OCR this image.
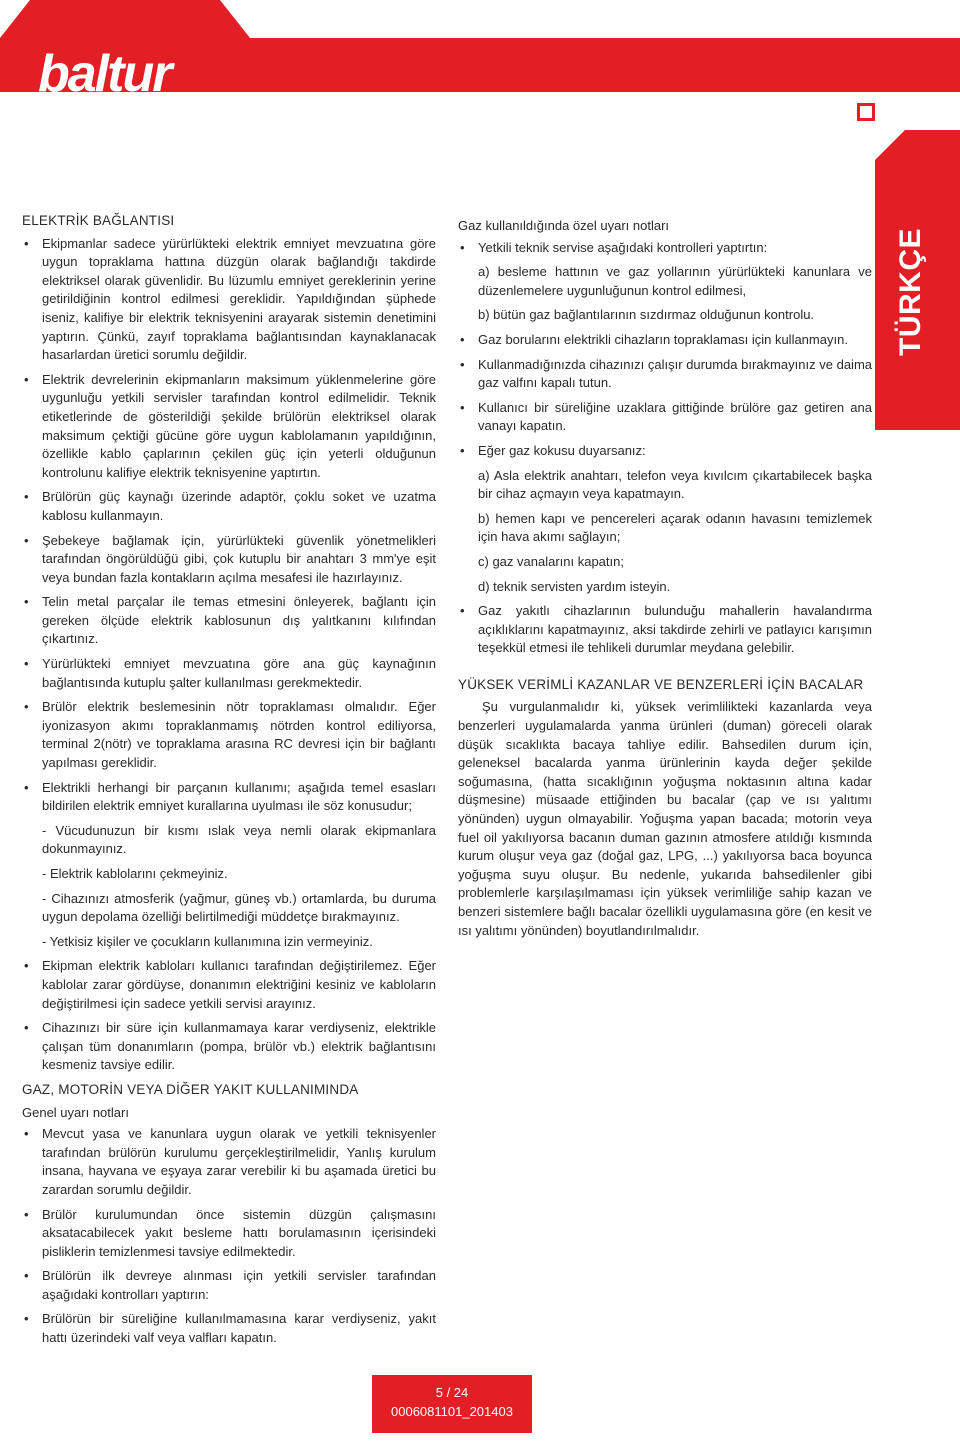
baltur
TÜRKÇE
ELEKTRİK BAĞLANTISI
• Ekipmanlar sadece yürürlükteki elektrik emniyet mevzuatına göre uygun topraklama hattına düzgün olarak bağlandığı takdirde elektriksel olarak güvenlidir. Bu lüzumlu emniyet gereklerinin yerine getirildiğinin kontrol edilmesi gereklidir. Yapıldığından şüphede iseniz, kalifiye bir elektrik teknisyenini arayarak sistemin denetimini yaptırın. Çünkü, zayıf topraklama bağlantısından kaynaklanacak hasarlardan üretici sorumlu değildir.
• Elektrik devrelerinin ekipmanların maksimum yüklenmelerine göre uygunluğu yetkili servisler tarafından kontrol edilmelidir. Teknik etiketlerinde de gösterildiği şekilde brülörün elektriksel olarak maksimum çektiği gücüne göre uygun kablolamanın yapıldığının, özellikle kablo çaplarının çekilen güç için yeterli olduğunun kontrolunu kalifiye elektrik teknisyenine yaptırtın.
• Brülörün güç kaynağı üzerinde adaptör, çoklu soket ve uzatma kablosu kullanmayın.
• Şebekeye bağlamak için, yürürlükteki güvenlik yönetmelikleri tarafından öngörüldüğü gibi, çok kutuplu bir anahtarı 3 mm'ye eşit veya bundan fazla kontakların açılma mesafesi ile hazırlayınız.
• Telin metal parçalar ile temas etmesini önleyerek, bağlantı için gereken ölçüde elektrik kablosunun dış yalıtkanını kılıfından çıkartınız.
• Yürürlükteki emniyet mevzuatına göre ana güç kaynağının bağlantısında kutuplu şalter kullanılması gerekmektedir.
• Brülör elektrik beslemesinin nötr topraklaması olmalıdır. Eğer iyonizasyon akımı topraklanmamış nötrden kontrol ediliyorsa, terminal 2(nötr) ve topraklama arasına RC devresi için bir bağlantı yapılması gereklidir.
• Elektrikli herhangi bir parçanın kullanımı; aşağıda temel esasları bildirilen elektrik emniyet kurallarına uyulması ile söz konusudur;
- Vücudunuzun bir kısmı ıslak veya nemli olarak ekipmanlara dokunmayınız.
- Elektrik kablolarını çekmeyiniz.
- Cihazınızı atmosferik (yağmur, güneş vb.) ortamlarda, bu duruma uygun depolama özelliği belirtilmediği müddetçe bırakmayınız.
- Yetkisiz kişiler ve çocukların kullanımına izin vermeyiniz.
• Ekipman elektrik kabloları kullanıcı tarafından değiştirilemez. Eğer kablolar zarar gördüyse, donanımın elektriğini kesiniz ve kabloların değiştirilmesi için sadece yetkili servisi arayınız.
• Cihazınızı bir süre için kullanmamaya karar verdiyseniz, elektrikle çalışan tüm donanımların (pompa, brülör vb.) elektrik bağlantısını kesmeniz tavsiye edilir.
GAZ, MOTORİN VEYA DİĞER YAKIT KULLANIMINDA
Genel uyarı notları
• Mevcut yasa ve kanunlara uygun olarak ve yetkili teknisyenler tarafından brülörün kurulumu gerçekleştirilmelidir, Yanlış kurulum insana, hayvana ve eşyaya zarar verebilir ki bu aşamada üretici bu zarardan sorumlu değildir.
• Brülör kurulumundan önce sistemin düzgün çalışmasını aksatacabilecek yakıt besleme hattı borulamasının içerisindeki pisliklerin temizlenmesi tavsiye edilmektedir.
• Brülörün ilk devreye alınması için yetkili servisler tarafından aşağıdaki kontrolları yaptırın:
• Brülörün bir süreliğine kullanılmamasına karar verdiyseniz, yakıt hattı üzerindeki valf veya valfları kapatın.
Gaz kullanıldığında özel uyarı notları
• Yetkili teknik servise aşağıdaki kontrolleri yaptırtın:
a) besleme hattının ve gaz yollarının yürürlükteki kanunlara ve düzenlemelere uygunluğunun kontrol edilmesi,
b) bütün gaz bağlantılarının sızdırmaz olduğunun kontrolu.
• Gaz borularını elektrikli cihazların topraklaması için kullanmayın.
• Kullanmadığınızda cihazınızı çalışır durumda bırakmayınız ve daima gaz valfını kapalı tutun.
• Kullanıcı bir süreliğine uzaklara gittiğinde brülöre gaz getiren ana vanayı kapatın.
• Eğer gaz kokusu duyarsanız:
a) Asla elektrik anahtarı, telefon veya kıvılcım çıkartabilecek başka bir cihaz açmayın veya kapatmayın.
b) hemen kapı ve pencereleri açarak odanın havasını temizlemek için hava akımı sağlayın;
c) gaz vanalarını kapatın;
d) teknik servisten yardım isteyin.
• Gaz yakıtlı cihazlarının bulunduğu mahallerin havalandırma açıklıklarını kapatmayınız, aksi takdirde zehirli ve patlayıcı karışımın teşekkül etmesi ile tehlikeli durumlar meydana gelebilir.
YÜKSEK VERİMLİ KAZANLAR VE BENZERLERİ İÇİN BACALAR

Şu vurgulanmalıdır ki, yüksek verimlilikteki kazanlarda veya benzerleri uygulamalarda yanma ürünleri (duman) göreceli olarak düşük sıcaklıkta bacaya tahliye edilir. Bahsedilen durum için, geleneksel bacalarda yanma ürünlerinin kayda değer şekilde soğumasına, (hatta sıcaklığının yoğuşma noktasının altına kadar düşmesine) müsaade ettiğinden bu bacalar (çap ve ısı yalıtımı yönünden) uygun olmayabilir. Yoğuşma yapan bacada; motorin veya fuel oil yakılıyorsa bacanın duman gazının atmosfere atıldığı kısmında kurum oluşur veya gaz (doğal gaz, LPG, ...) yakılıyorsa baca boyunca yoğuşma suyu oluşur. Bu nedenle, yukarıda bahsedilenler gibi problemlerle karşılaşılmaması için yüksek verimliliğe sahip kazan ve benzeri sistemlere bağlı bacalar özellikli uygulamasına göre (en kesit ve ısı yalıtımı yönünden) boyutlandırılmalıdır.

5 / 24
0006081101_201403
